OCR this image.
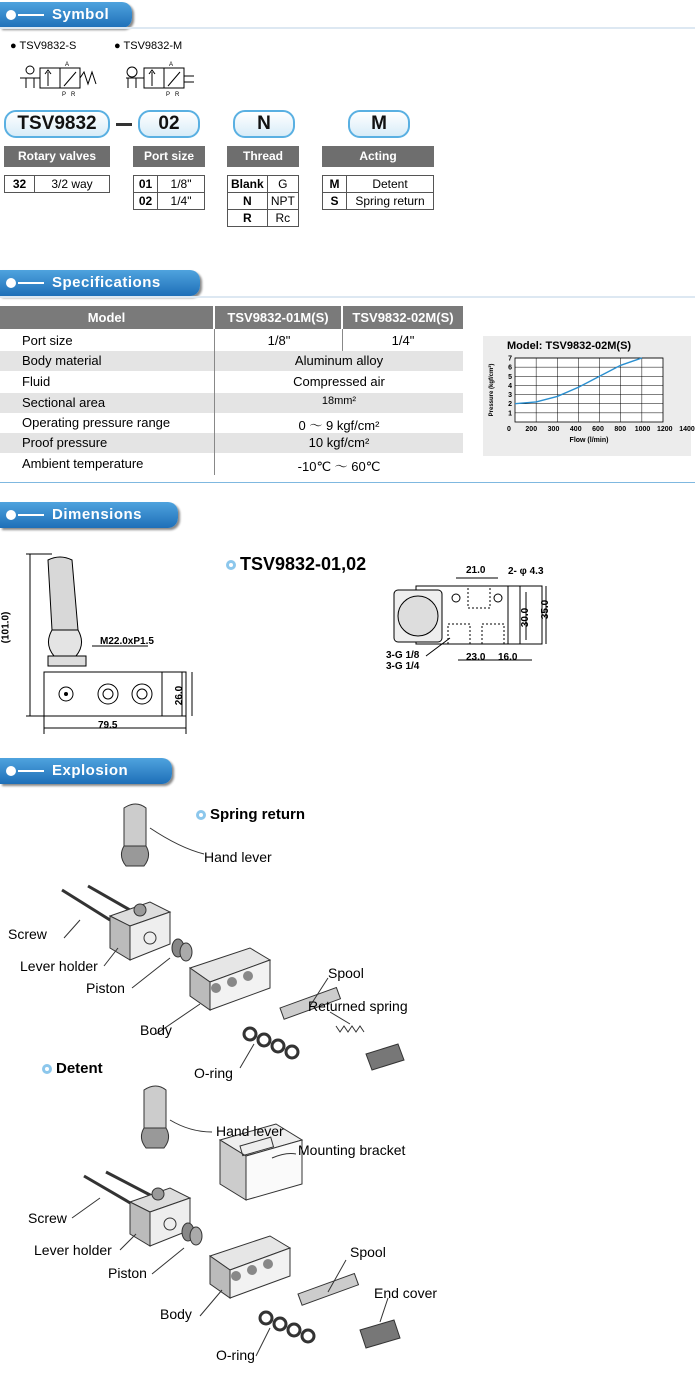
Symbol
● TSV9832-S	● TSV9832-M
A
P R
A
P R
TSV9832	02	N	M
Rotary valves
32	3/2 way
Port size
01	1/8"
02	1/4"
Thread
Blank	G
N	NPT
R	Rc
Acting
M	Detent
S	Spring return
Specifications
Model	TSV9832-01M(S)	TSV9832-02M(S)
Port size	1/8"	1/4"
Body material	Aluminum alloy
Fluid	Compressed air
Sectional area	18mm²
Operating pressure range	0 ～ 9 kgf/cm²
Proof pressure	10 kgf/cm²
Ambient temperature	-10℃ ～ 60℃
Model: TSV9832-02M(S)
1
2
3
4
5
6
7
0 200 300 400 600 800 1000 1200 1400
Flow (l/min)
Pressure (kgf/cm²)
Dimensions
(101.0)	M22.0xP1.5
26.0
79.5
TSV9832-01,02	21.0 2- φ 4.3
30.0 35.0
23.0 16.0
3-G 1/8
3-G 1/4
Explosion
Spring return
Hand lever
Screw
Lever holder
Piston
Body
Spool
Returned spring
O-ring
Detent
Hand lever
Mounting bracket
Screw
Lever holder
Piston
Body
Spool
End cover
O-ring
